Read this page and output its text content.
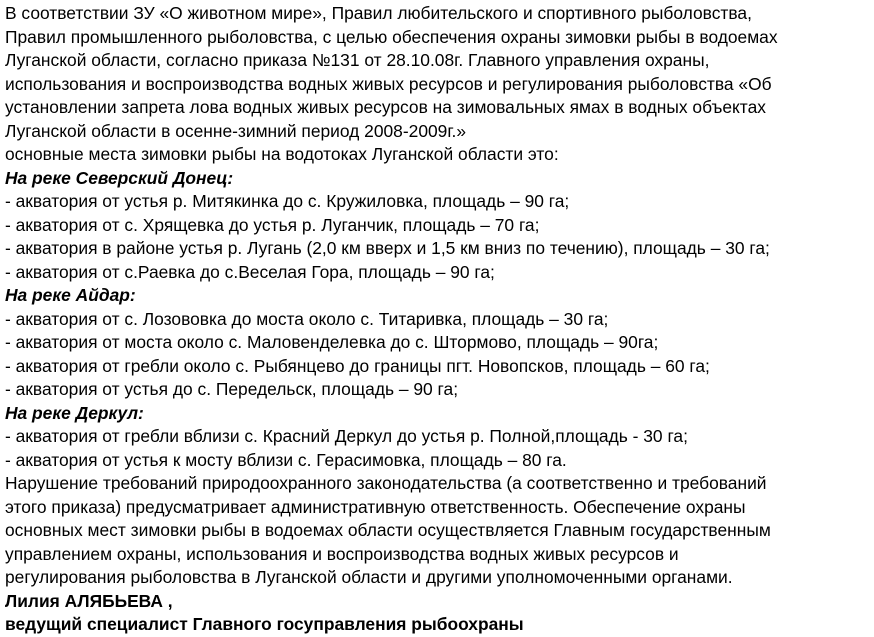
В соответствии ЗУ «О животном мире», Правил любительского и спортивного рыболовства,
Правил промышленного рыболовства, с целью обеспечения охраны зимовки рыбы в водоемах
Луганской области, согласно приказа №131 от 28.10.08г. Главного управления охраны,
использования и воспроизводства водных живых ресурсов и регулирования рыболовства «Об
установлении запрета лова водных живых ресурсов на зимовальных ямах в водных объектах
Луганской области в осенне-зимний период 2008-2009г.»
основные места зимовки рыбы на водотоках Луганской области это:
На реке Северский Донец:
- акватория от устья р. Митякинка до с. Кружиловка, площадь – 90 га;
- акватория от с. Хрящевка до устья р. Луганчик, площадь – 70 га;
- акватория в районе устья р. Лугань (2,0 км вверх и 1,5 км вниз по течению), площадь – 30 га;
- акватория от с.Раевка до с.Веселая Гора, площадь – 90 га;
На реке Айдар:
- акватория от с. Лозововка до моста около с. Титаривка, площадь – 30 га;
- акватория от моста около с. Маловенделевка до с. Штормово, площадь – 90га;
- акватория от гребли около с. Рыбянцево до границы пгт. Новопсков, площадь – 60 га;
- акватория от устья до с. Передельск, площадь – 90 га;
На реке Деркул:
- акватория от гребли вблизи с. Красний Деркул до устья р. Полной,площадь - 30 га;
- акватория от устья к мосту вблизи с. Герасимовка, площадь – 80 га.
Нарушение требований природоохранного законодательства (а соответственно и требований
этого приказа) предусматривает административную ответственность. Обеспечение охраны
основных мест зимовки рыбы в водоемах области осуществляется Главным государственным
управлением охраны, использования и воспроизводства водных живых ресурсов и
регулирования рыболовства в Луганской области и другими уполномоченными органами.
Лилия АЛЯБЬЕВА ,
ведущий специалист Главного госуправления рыбоохраны
